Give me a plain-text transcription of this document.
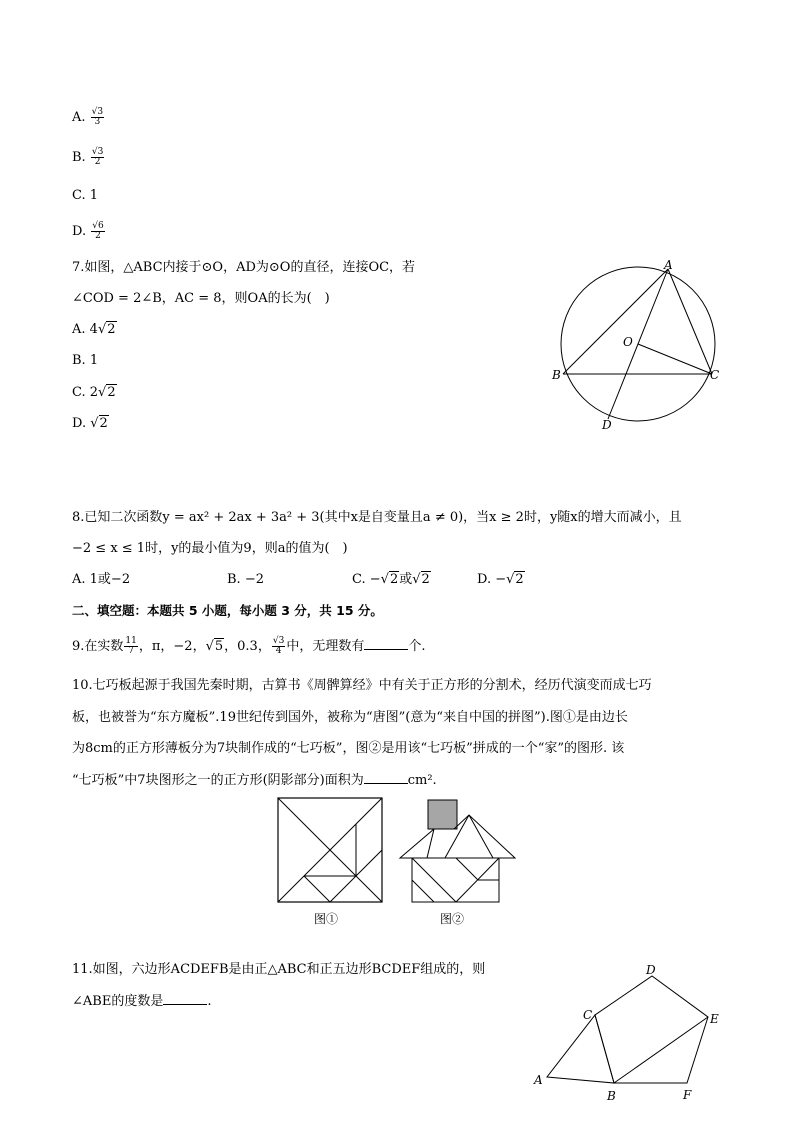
A. $\frac{√3}{3}$
B. $\frac{√3}{2}$
C. 1
D. $\frac{√6}{2}$
7.如图，△ABC内接于⊙O，AD为⊙O的直径，连接OC，若
∠COD = 2∠B，AC = 8，则OA的长为(　)
A. 4√2
B. 1
C. 2√2
D. √2
A
B	C
D
O
8.已知二次函数y = ax² + 2ax + 3a² + 3(其中x是自变量且a ≠ 0)，当x ≥ 2时，y随x的增大而减小，且
−2 ≤ x ≤ 1时，y的最小值为9，则a的值为(　)
A. 1或−2	B. −2	C. −√2或√2	D. −√2
二、填空题：本题共 5 小题，每小题 3 分，共 15 分。
9.在实数 $\frac{11}{7}$ ，π，−2，√5，0.3， $\frac{√3}{4}$ 中，无理数有	个.
10.七巧板起源于我国先秦时期，古算书《周髀算经》中有关于正方形的分割术，经历代演变而成七巧
板，也被誉为“东方魔板”.19世纪传到国外，被称为“唐图”(意为“来自中国的拼图”).图①是由边长
为8cm的正方形薄板分为7块制作成的“七巧板”，图②是用该“七巧板”拼成的一个“家”的图形. 该
“七巧板”中7块图形之一的正方形(阴影部分)面积为	cm².
图①	图②
11.如图，六边形ACDEFB是由正△ABC和正五边形BCDEF组成的，则
∠ABE的度数是	.
A
B
C
D
E
F
